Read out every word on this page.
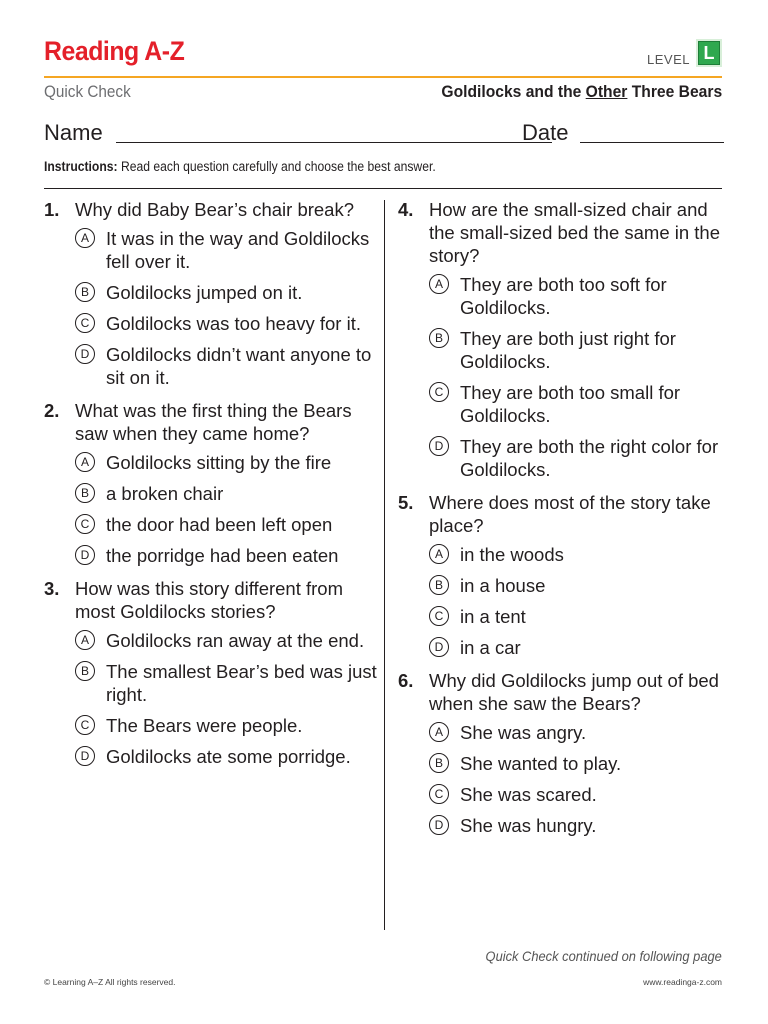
Reading A-Z	LEVEL L
Quick Check	Goldilocks and the Other Three Bears
Name	Date
Instructions: Read each question carefully and choose the best answer.
1. Why did Baby Bear’s chair break?
A It was in the way and Goldilocks fell over it.
B Goldilocks jumped on it.
C Goldilocks was too heavy for it.
D Goldilocks didn’t want anyone to sit on it.
2. What was the first thing the Bears saw when they came home?
A Goldilocks sitting by the fire
B a broken chair
C the door had been left open
D the porridge had been eaten
3. How was this story different from most Goldilocks stories?
A Goldilocks ran away at the end.
B The smallest Bear’s bed was just right.
C The Bears were people.
D Goldilocks ate some porridge.
4. How are the small-sized chair and the small-sized bed the same in the story?
A They are both too soft for Goldilocks.
B They are both just right for Goldilocks.
C They are both too small for Goldilocks.
D They are both the right color for Goldilocks.
5. Where does most of the story take place?
A in the woods
B in a house
C in a tent
D in a car
6. Why did Goldilocks jump out of bed when she saw the Bears?
A She was angry.
B She wanted to play.
C She was scared.
D She was hungry.
Quick Check continued on following page
© Learning A–Z All rights reserved.	www.readinga-z.com
